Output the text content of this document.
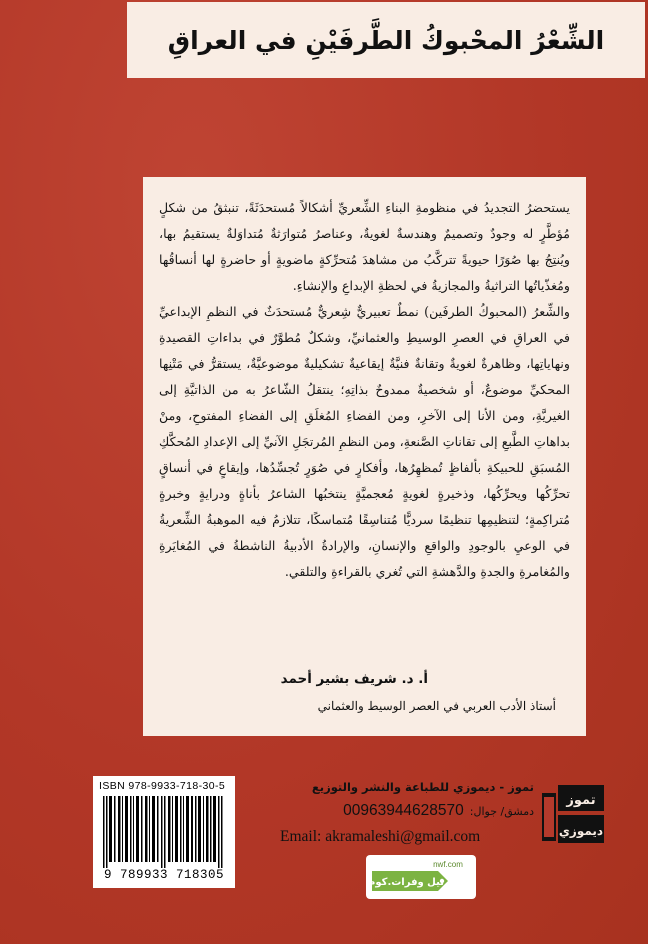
الشِّعْرُ المحْبوكُ الطَّرفَيْنِ في العراقِ

يستحضرُ التجديدُ في منظومةِ البناءِ الشِّعريِّ أشكالاً مُستحدَثَةً، تنبثقُ من شكلٍ مُؤطَّرٍ له وجودٌ وتصميمٌ وهندسةٌ لغويةٌ، وعناصرُ مُتوارَثةٌ مُتداوَلةٌ يستقيمُ بها، ويُنتِجُ بها صُوَرًا حيويةً تتركَّبُ من مشاهدَ مُتحرِّكةٍ ماضويةٍ أو حاضرةٍ لها أنساقُها ومُغذّياتُها التراثيةُ والمجازيةُ في لحظةِ الإبداعِ والإنشاءِ.

والشِّعرُ (المحبوكُ الطرفَين) نمطٌ تعبيريٌّ شِعريٌّ مُستحدَثٌ في النظمِ الإبداعيِّ في العراقِ في العصرِ الوسيطِ والعثمانيِّ، وشكلٌ مُطوَّرٌ في بداءاتِ القصيدةِ ونهاياتِها، وظاهرةٌ لغويةٌ وتقانةٌ فنيَّةٌ إيقاعيةٌ تشكيليةٌ موضوعيَّةٌ، يستقرُّ في مَتْنِها المحكيِّ موضوعٌ، أو شخصيةٌ ممدوحٌ بذاتِهِ؛ ينتقلُ الشّاعرُ به من الذاتيَّةِ إلى الغيريَّةِ، ومن الأنا إلى الآخرِ، ومن الفضاءِ المُغلَقِ إلى الفضاءِ المفتوحِ، ومنْ بداهاتِ الطَّبعِ إلى تقاناتِ الصَّنعةِ، ومن النظمِ المُرتجَلِ الآنيِّ إلى الإعدادِ المُحكَّكِ المُسبَقِ للحبيكةِ بألفاظٍ تُمظهِرُها، وأفكارٍ في صُوَرٍ تُجسِّدُها، وإيقاعٍ في أنساقٍ تحرِّكُها ويحرِّكُها، وذخيرةٍ لغويةٍ مُعجميَّةٍ ينتخبُها الشاعرُ بأناةٍ ودرايةٍ وخبرةٍ مُتراكِمةٍ؛ لتنظيمِها تنظيمًا سرديًّا مُتناسِقًا مُتماسكًا، تتلازمُ فيه الموهبةُ الشِّعريةُ في الوعيِ بالوجودِ والواقعِ والإنسانِ، والإرادةُ الأدبيةُ الناشطةُ في المُغايَرةِ والمُغامرةِ والجدةِ والدَّهشةِ التي تُغري بالقراءةِ والتلقي.

أ. د. شريف بشير أحمد
أستاذ الأدب العربي في العصر الوسيط والعثماني
ISBN 978-9933-718-30-5
9 789933 718305
تموز - ديموزي للطباعة والنشر والتوزيع
00963944628570 دمشق/ جوال:
Email: akramaleshi@gmail.com
تموز
ديموزي
nwf.com
نيل وفرات.كوم
